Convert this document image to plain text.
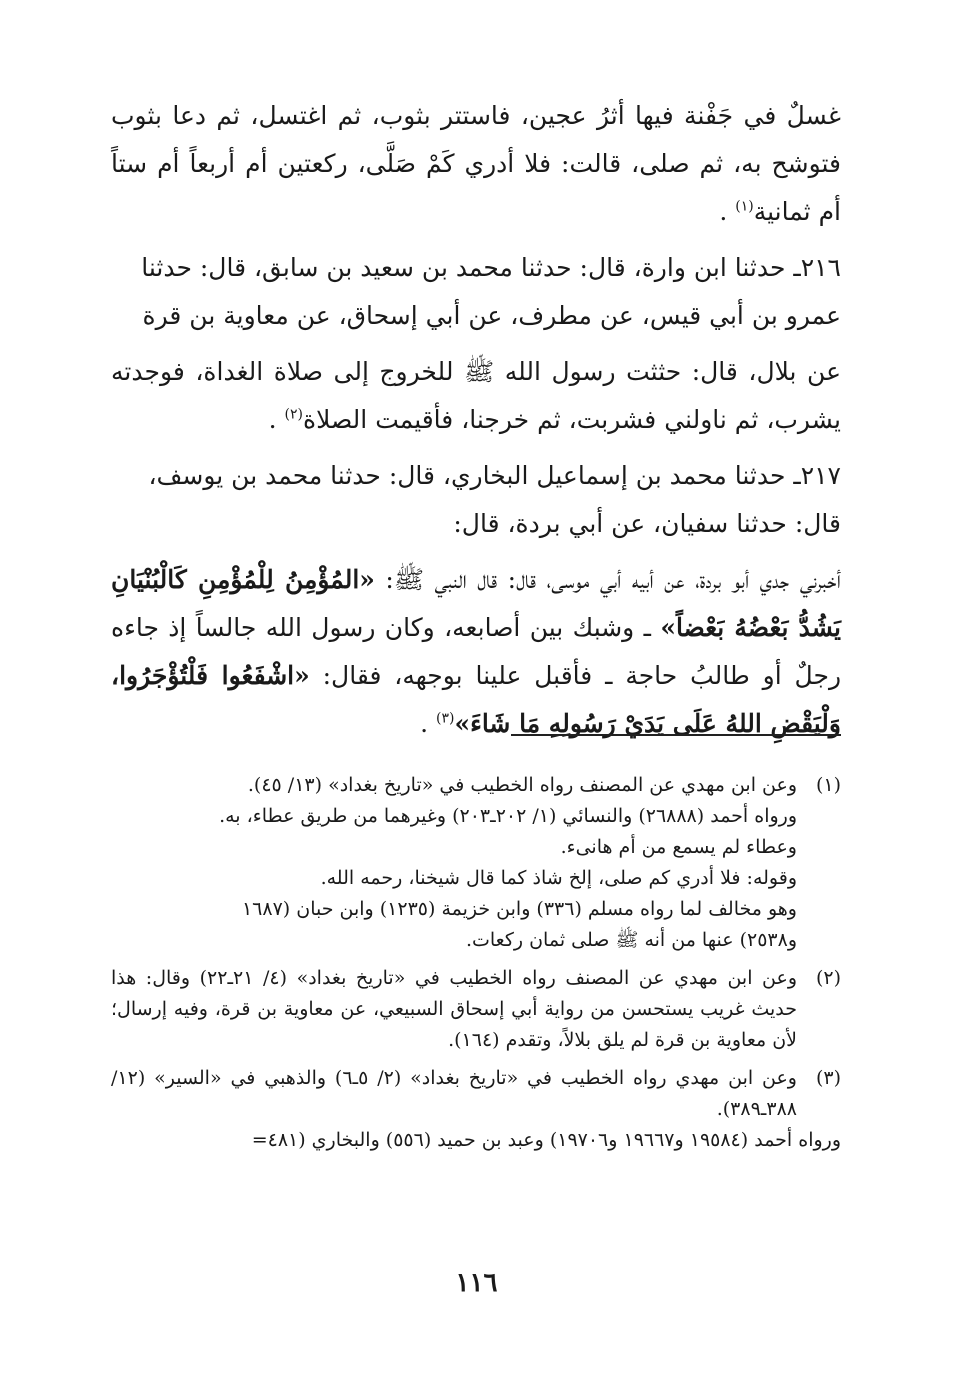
غسلٌ في جَفْنة فيها أثرُ عجين، فاستتر بثوب، ثم اغتسل، ثم دعا بثوب فتوشح به، ثم صلى، قالت: فلا أدري كَمْ صَلَّى، ركعتين أم أربعاً أم ستاً أم ثمانية$^{(١)}$ .

٢١٦ـ حدثنا ابن وارة، قال: حدثنا محمد بن سعيد بن سابق، قال: حدثنا
عمرو بن أبي قيس، عن مطرف، عن أبي إسحاق، عن معاوية بن قرة

عن بلال، قال: حثثت رسول الله ﷺ للخروج إلى صلاة الغداة، فوجدته يشرب، ثم ناولني فشربت، ثم خرجنا، فأقيمت الصلاة$^{(٢)}$ .

٢١٧ـ حدثنا محمد بن إسماعيل البخاري، قال: حدثنا محمد بن يوسف،
قال: حدثنا سفيان، عن أبي بردة، قال:

أخبرني جدي أبو بردة، عن أبيه أبي موسى، قال: قال النبي ﷺ: «المُؤْمِنُ لِلْمُؤْمِنِ كَالْبُنْيَانِ يَشُدُّ بَعْضُهُ بَعْضاً» ـ وشبك بين أصابعه، وكان رسول الله جالساً إذ جاءه رجلٌ أو طالبُ حاجة ـ فأقبل علينا بوجهه، فقال: «اشْفَعُوا فَلْتُؤْجَرُوا، وَلْيَقْضِ اللهُ عَلَى يَدَيْ رَسُولِهِ مَا شَاءَ»$^{(٣)}$ .

(١)
وعن ابن مهدي عن المصنف رواه الخطيب في «تاريخ بغداد» (١٣/ ٤٥).
ورواه أحمد (٢٦٨٨٨) والنسائي (١/ ٢٠٢ـ٢٠٣) وغيرهما من طريق عطاء، به.
وعطاء لم يسمع من أم هانىء.
وقوله: فلا أدري كم صلى، إلخ شاذ كما قال شيخنا، رحمه الله.
وهو مخالف لما رواه مسلم (٣٣٦) وابن خزيمة (١٢٣٥) وابن حبان (١٦٨٧
و٢٥٣٨) عنها من أنه ﷺ صلى ثمان ركعات.
(٢)
وعن ابن مهدي عن المصنف رواه الخطيب في «تاريخ بغداد» (٤/ ٢١ـ٢٢) وقال: هذا حديث غريب يستحسن من رواية أبي إسحاق السبيعي، عن معاوية بن قرة، وفيه إرسال؛ لأن معاوية بن قرة لم يلق بلالاً، وتقدم (١٦٤).
(٣)
وعن ابن مهدي رواه الخطيب في «تاريخ بغداد» (٢/ ٥ـ٦) والذهبي في «السير» (١٢/ ٣٨٨ـ٣٨٩).
ورواه أحمد (١٩٥٨٤ و١٩٦٦٧ و١٩٧٠٦) وعبد بن حميد (٥٥٦) والبخاري (٤٨١=
١١٦
